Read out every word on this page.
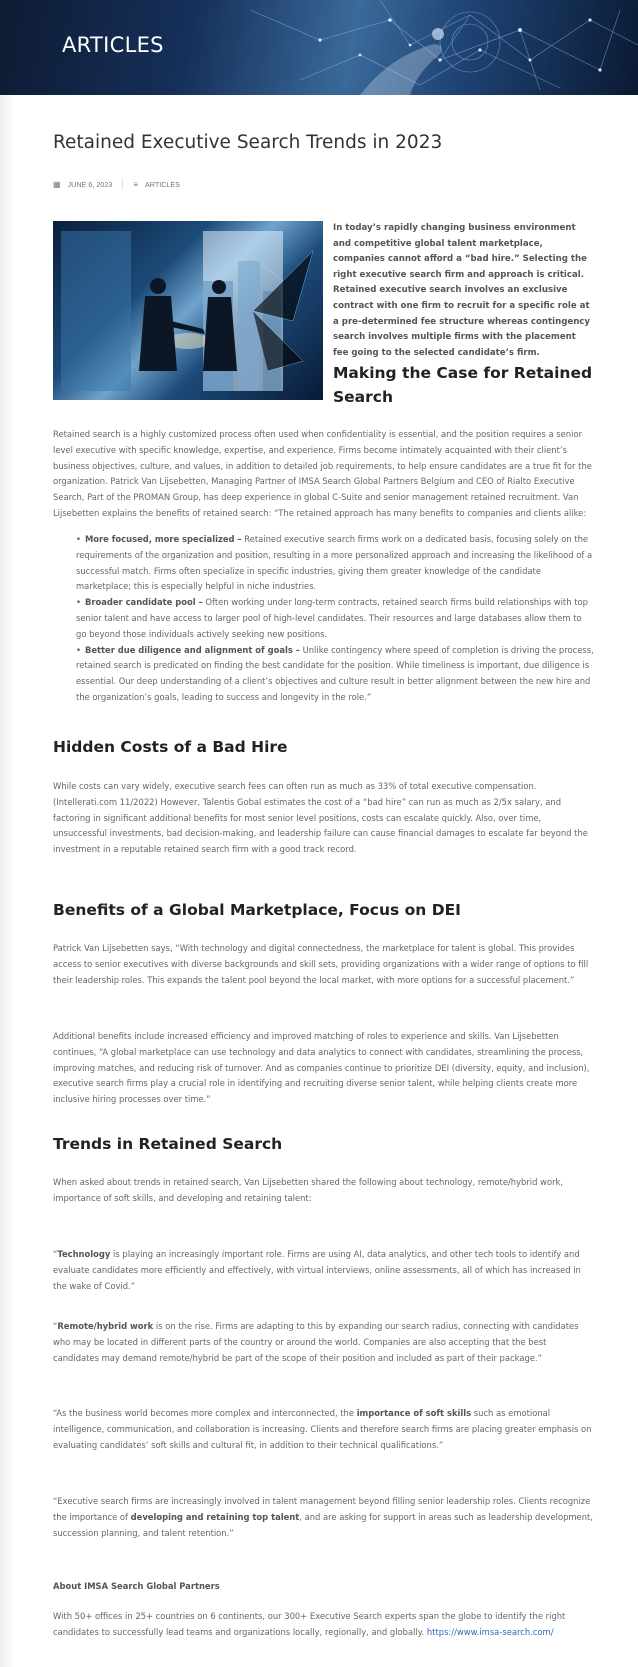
ARTICLES
Retained Executive Search Trends in 2023
▦ JUNE 6, 2023	≡ ARTICLES
In today’s rapidly changing business environment and competitive global talent marketplace, companies cannot afford a “bad hire.” Selecting the right executive search firm and approach is critical. Retained executive search involves an exclusive contract with one firm to recruit for a specific role at a pre-determined fee structure whereas contingency search involves multiple firms with the placement fee going to the selected candidate’s firm.
Making the Case for Retained Search

Retained search is a highly customized process often used when confidentiality is essential, and the position requires a senior level executive with specific knowledge, expertise, and experience. Firms become intimately acquainted with their client’s business objectives, culture, and values, in addition to detailed job requirements, to help ensure candidates are a true fit for the organization. Patrick Van Lijsebetten, Managing Partner of IMSA Search Global Partners Belgium and CEO of Rialto Executive Search, Part of the PROMAN Group, has deep experience in global C-Suite and senior management retained recruitment. Van Lijsebetten explains the benefits of retained search: “The retained approach has many benefits to companies and clients alike:

• More focused, more specialized – Retained executive search firms work on a dedicated basis, focusing solely on the requirements of the organization and position, resulting in a more personalized approach and increasing the likelihood of a successful match. Firms often specialize in specific industries, giving them greater knowledge of the candidate marketplace; this is especially helpful in niche industries.
• Broader candidate pool – Often working under long-term contracts, retained search firms build relationships with top senior talent and have access to larger pool of high-level candidates. Their resources and large databases allow them to go beyond those individuals actively seeking new positions.
• Better due diligence and alignment of goals – Unlike contingency where speed of completion is driving the process, retained search is predicated on finding the best candidate for the position. While timeliness is important, due diligence is essential. Our deep understanding of a client’s objectives and culture result in better alignment between the new hire and the organization’s goals, leading to success and longevity in the role.”
Hidden Costs of a Bad Hire

While costs can vary widely, executive search fees can often run as much as 33% of total executive compensation. (Intellerati.com 11/2022) However, Talentis Gobal estimates the cost of a “bad hire” can run as much as 2/5x salary, and factoring in significant additional benefits for most senior level positions, costs can escalate quickly. Also, over time, unsuccessful investments, bad decision-making, and leadership failure can cause financial damages to escalate far beyond the investment in a reputable retained search firm with a good track record.

Benefits of a Global Marketplace, Focus on DEI

Patrick Van Lijsebetten says, “With technology and digital connectedness, the marketplace for talent is global. This provides access to senior executives with diverse backgrounds and skill sets, providing organizations with a wider range of options to fill their leadership roles. This expands the talent pool beyond the local market, with more options for a successful placement.”

Additional benefits include increased efficiency and improved matching of roles to experience and skills. Van Lijsebetten continues, “A global marketplace can use technology and data analytics to connect with candidates, streamlining the process, improving matches, and reducing risk of turnover. And as companies continue to prioritize DEI (diversity, equity, and inclusion), executive search firms play a crucial role in identifying and recruiting diverse senior talent, while helping clients create more inclusive hiring processes over time.”

Trends in Retained Search

When asked about trends in retained search, Van Lijsebetten shared the following about technology, remote/hybrid work, importance of soft skills, and developing and retaining talent:

“Technology is playing an increasingly important role. Firms are using AI, data analytics, and other tech tools to identify and evaluate candidates more efficiently and effectively, with virtual interviews, online assessments, all of which has increased in the wake of Covid.”

“Remote/hybrid work is on the rise. Firms are adapting to this by expanding our search radius, connecting with candidates who may be located in different parts of the country or around the world. Companies are also accepting that the best candidates may demand remote/hybrid be part of the scope of their position and included as part of their package.”

“As the business world becomes more complex and interconnected, the importance of soft skills such as emotional intelligence, communication, and collaboration is increasing. Clients and therefore search firms are placing greater emphasis on evaluating candidates’ soft skills and cultural fit, in addition to their technical qualifications.”

“Executive search firms are increasingly involved in talent management beyond filling senior leadership roles. Clients recognize the importance of developing and retaining top talent, and are asking for support in areas such as leadership development, succession planning, and talent retention.”

About IMSA Search Global Partners

With 50+ offices in 25+ countries on 6 continents, our 300+ Executive Search experts span the globe to identify the right candidates to successfully lead teams and organizations locally, regionally, and globally. https://www.imsa-search.com/
